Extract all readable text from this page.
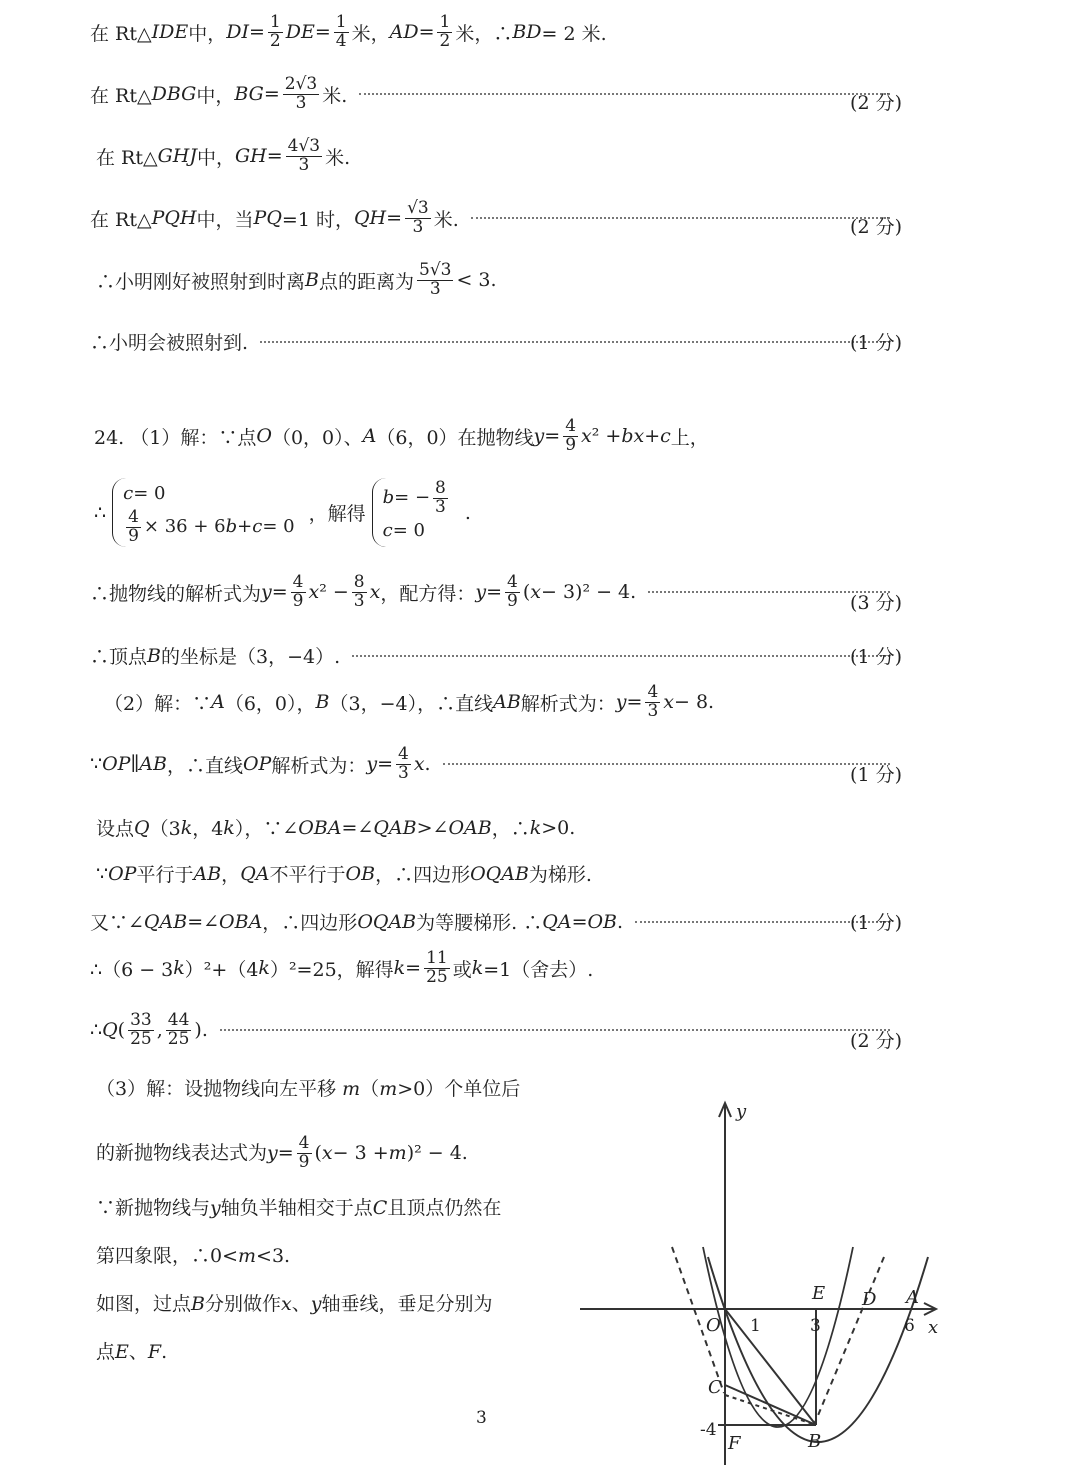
在 Rt△ IDE 中， DI = $\frac{1}{2}$ DE = $\frac{1}{4}$ 米， AD = $\frac{1}{2}$ 米，∴ BD = 2 米.
在 Rt△ DBG 中， BG = $\frac{2√3}{3}$ 米.	(2 分)
在 Rt△ GHJ 中， GH = $\frac{4√3}{3}$ 米.
在 Rt△ PQH 中，当 PQ =1 时， QH = $\frac{√3}{3}$ 米.	(2 分)
∴小明刚好被照射到时离 B 点的距离为 $\frac{5√3}{3} < 3$.
∴小明会被照射到.	(1 分)
24. （1）解：∵点 O （0，0）、 A （6，0）在抛物线 $y = \frac{4}{9}$ x ² + bx + c 上，
∴
c = 0
$\frac{4}{9} \times 36 + 6$ b + c = 0
，解得
b = − $\frac{8}{3}$
c = 0
.
∴抛物线的解析式为 $y = \frac{4}{9}$ x $^2 - \frac{8}{3}$ x ，配方得： $y = \frac{4}{9}$ ( x − 3)² − 4.	(3 分)
∴顶点 B 的坐标是（3，−4）.	(1 分)
（2）解：∵ A （6，0）， B （3，−4），∴直线 AB 解析式为： $y = \frac{4}{3}$ x − 8.
∵ OP ∥ AB ，∴直线 OP 解析式为： $y = \frac{4}{3}$ x .	(1 分)
设点 Q （3 k ，4 k ），∵∠ OBA =∠ QAB >∠ OAB ，∴ k >0.
∵ OP 平行于 AB ， QA 不平行于 OB ，∴四边形 OQAB 为梯形.
又∵∠ QAB =∠ OBA ，∴四边形 OQAB 为等腰梯形. ∴ QA = OB .	(1 分)
∴（6 − 3 k ）²+（4 k ）²=25，解得 $k = \frac{11}{25}$ 或 k =1（舍去）.
∴ Q ( $\frac{33}{25}$ , $\frac{44}{25}$ ).	(2 分)
（3）解：设抛物线向左平移 m（m>0）个单位后
的新抛物线表达式为 $y = \frac{4}{9}$ ( x − 3 + m )² − 4.
∵新抛物线与 y 轴负半轴相交于点 C 且顶点仍然在
第四象限，∴0< m <3.
如图，过点 B 分别做作 x 、 y 轴垂线，垂足分别为
点 E 、 F .
y
x
O
E D A
C
F	B
1	3	6
-4
3
